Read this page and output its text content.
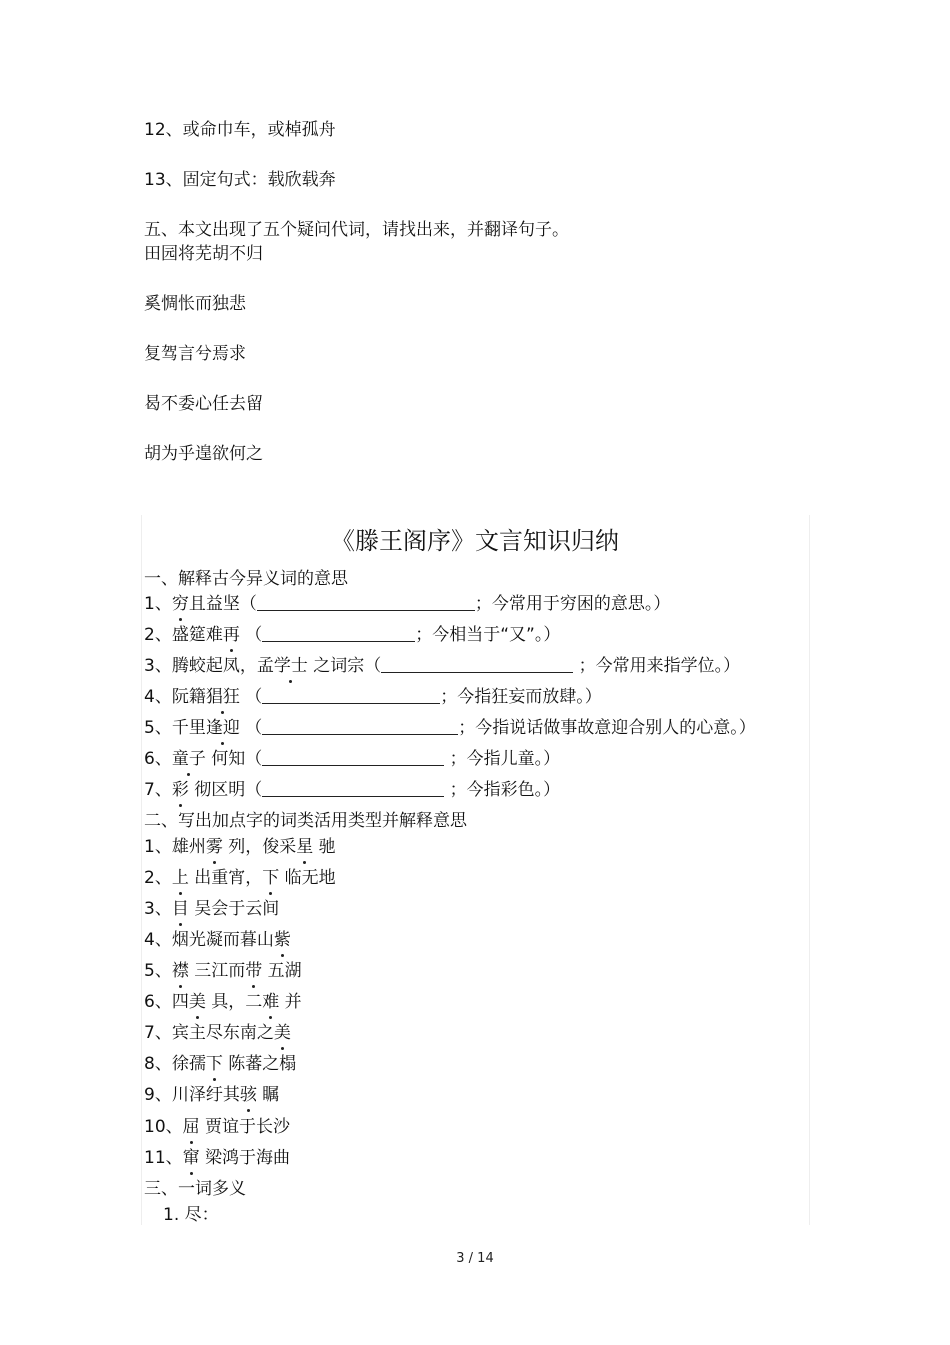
12、或命巾车，或棹孤舟
13、固定句式：载欣载奔
五、本文出现了五个疑问代词，请找出来，并翻译句子。
田园将芜胡不归
奚惆怅而独悲
复驾言兮焉求
曷不委心任去留
胡为乎遑欲何之
《滕王阁序》文言知识归纳
一、解释古今异义词的意思
1、穷且益坚（	；今常用于穷困的意思。）
2、盛筵难再 （	；今相当于“又”。）
3、腾蛟起凤，孟学士 之词宗（	；今常用来指学位。）
4、阮籍猖狂 （	；今指狂妄而放肆。）
5、千里逢迎 （	；今指说话做事故意迎合别人的心意。）
6、童子 何知（	；今指儿童。）
7、彩 彻区明（	；今指彩色。）
二、写出加点字的词类活用类型并解释意思
1、雄州雾 列，俊采星 驰
2、上 出重宵，下 临无地
3、目 吴会于云间
4、烟光凝而暮山紫
5、襟 三江而带 五湖
6、四美 具，二难 并
7、宾主尽东南之美
8、徐孺下 陈蕃之榻
9、川泽纡其骇 瞩
10、屈 贾谊于长沙
11、窜 梁鸿于海曲
三、一词多义
1. 尽：
3 / 14
